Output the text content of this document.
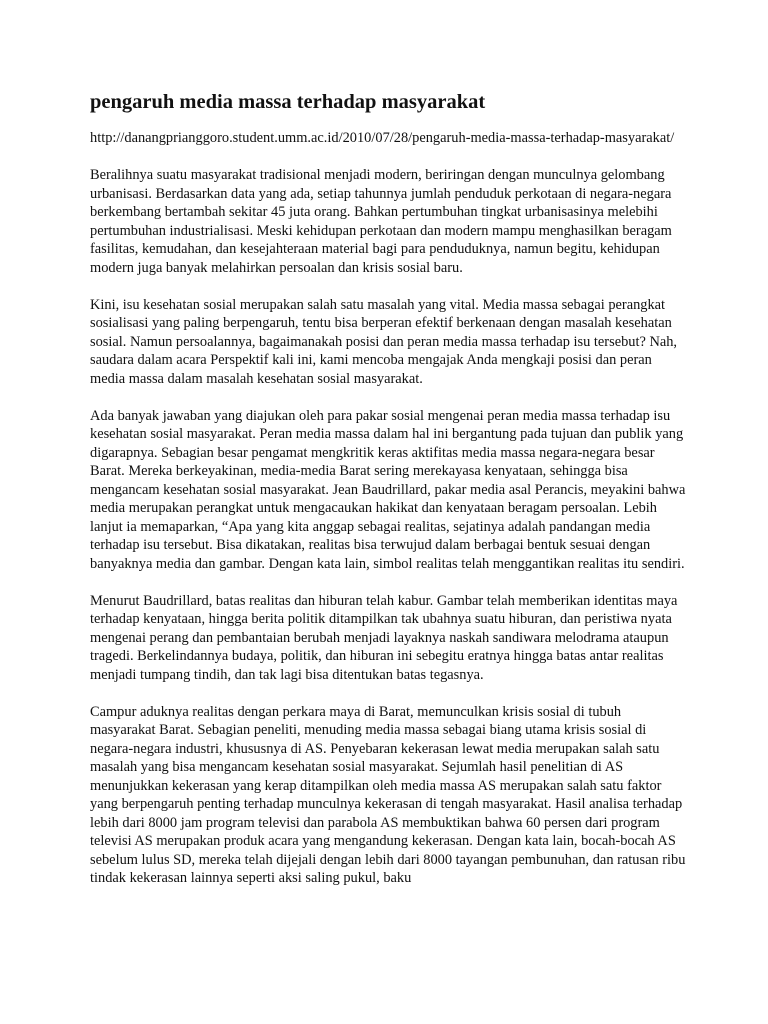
pengaruh media massa terhadap masyarakat
http://danangprianggoro.student.umm.ac.id/2010/07/28/pengaruh-media-massa-terhadap-masyarakat/

Beralihnya suatu masyarakat tradisional menjadi modern, beriringan dengan munculnya gelombang urbanisasi. Berdasarkan data yang ada, setiap tahunnya jumlah penduduk perkotaan di negara-negara berkembang bertambah sekitar 45 juta orang. Bahkan pertumbuhan tingkat urbanisasinya melebihi pertumbuhan industrialisasi. Meski kehidupan perkotaan dan modern mampu menghasilkan beragam fasilitas, kemudahan, dan kesejahteraan material bagi para penduduknya, namun begitu, kehidupan modern juga banyak melahirkan persoalan dan krisis sosial baru.

Kini, isu kesehatan sosial merupakan salah satu masalah yang vital. Media massa sebagai perangkat sosialisasi yang paling berpengaruh, tentu bisa berperan efektif berkenaan dengan masalah kesehatan sosial. Namun persoalannya, bagaimanakah posisi dan peran media massa terhadap isu tersebut? Nah, saudara dalam acara Perspektif kali ini, kami mencoba mengajak Anda mengkaji posisi dan peran media massa dalam masalah kesehatan sosial masyarakat.

Ada banyak jawaban yang diajukan oleh para pakar sosial mengenai peran media massa terhadap isu kesehatan sosial masyarakat. Peran media massa dalam hal ini bergantung pada tujuan dan publik yang digarapnya. Sebagian besar pengamat mengkritik keras aktifitas media massa negara-negara besar Barat. Mereka berkeyakinan, media-media Barat sering merekayasa kenyataan, sehingga bisa mengancam kesehatan sosial masyarakat. Jean Baudrillard, pakar media asal Perancis, meyakini bahwa media merupakan perangkat untuk mengacaukan hakikat dan kenyataan beragam persoalan. Lebih lanjut ia memaparkan, “Apa yang kita anggap sebagai realitas, sejatinya adalah pandangan media terhadap isu tersebut. Bisa dikatakan, realitas bisa terwujud dalam berbagai bentuk sesuai dengan banyaknya media dan gambar. Dengan kata lain, simbol realitas telah menggantikan realitas itu sendiri.

Menurut Baudrillard, batas realitas dan hiburan telah kabur. Gambar telah memberikan identitas maya terhadap kenyataan, hingga berita politik ditampilkan tak ubahnya suatu hiburan, dan peristiwa nyata mengenai perang dan pembantaian berubah menjadi layaknya naskah sandiwara melodrama ataupun tragedi. Berkelindannya budaya, politik, dan hiburan ini sebegitu eratnya hingga batas antar realitas menjadi tumpang tindih, dan tak lagi bisa ditentukan batas tegasnya.

Campur aduknya realitas dengan perkara maya di Barat, memunculkan krisis sosial di tubuh masyarakat Barat. Sebagian peneliti, menuding media massa sebagai biang utama krisis sosial di negara-negara industri, khususnya di AS. Penyebaran kekerasan lewat media merupakan salah satu masalah yang bisa mengancam kesehatan sosial masyarakat. Sejumlah hasil penelitian di AS menunjukkan kekerasan yang kerap ditampilkan oleh media massa AS merupakan salah satu faktor yang berpengaruh penting terhadap munculnya kekerasan di tengah masyarakat. Hasil analisa terhadap lebih dari 8000 jam program televisi dan parabola AS membuktikan bahwa 60 persen dari program televisi AS merupakan produk acara yang mengandung kekerasan. Dengan kata lain, bocah-bocah AS sebelum lulus SD, mereka telah dijejali dengan lebih dari 8000 tayangan pembunuhan, dan ratusan ribu tindak kekerasan lainnya seperti aksi saling pukul, baku
